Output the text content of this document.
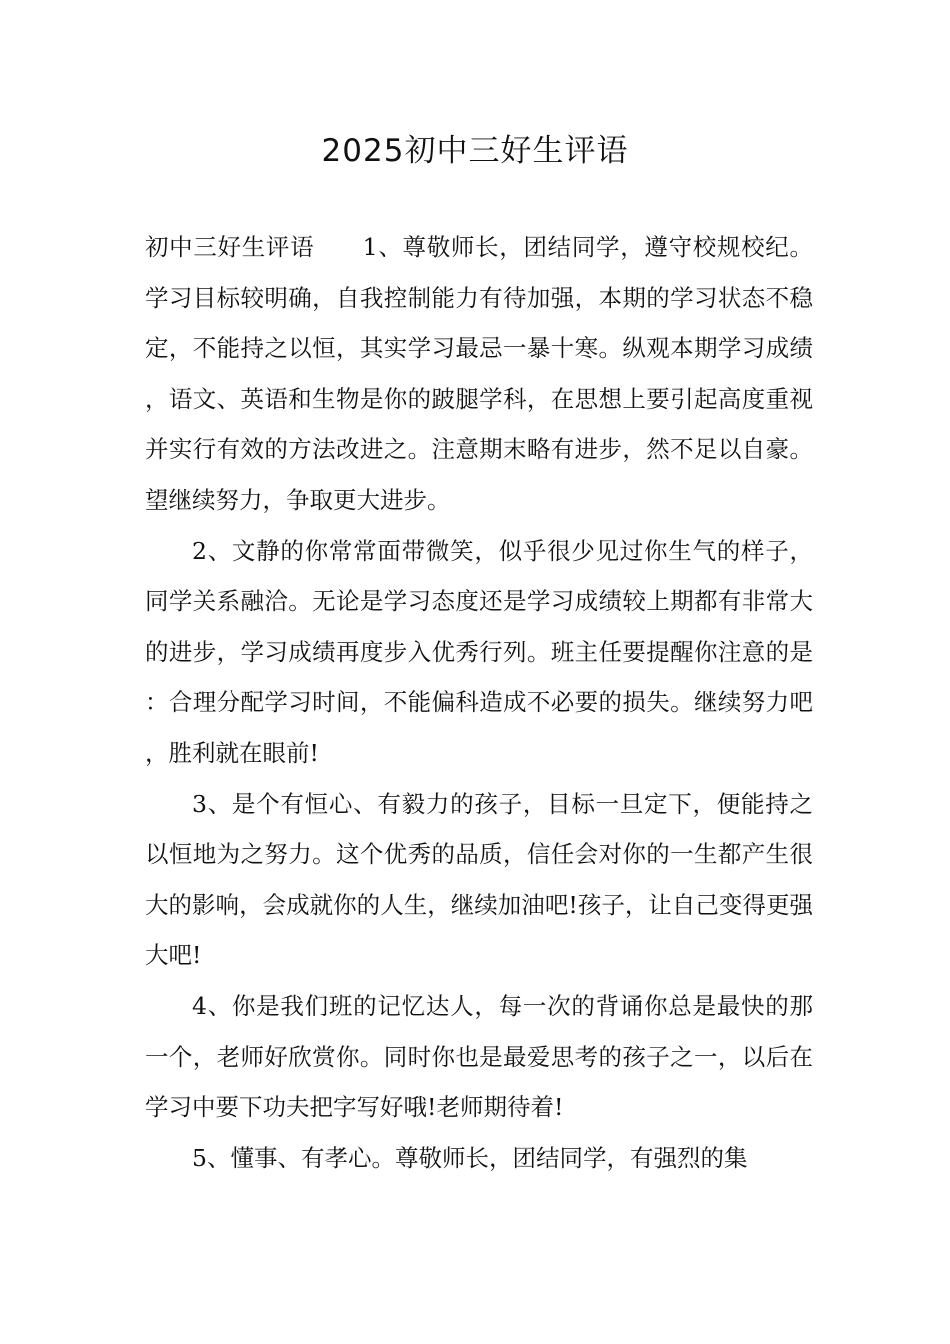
2025初中三好生评语

初中三好生评语　　1、尊敬师长，团结同学，遵守校规校纪。学习目标较明确，自我控制能力有待加强，本期的学习状态不稳定，不能持之以恒，其实学习最忌一暴十寒。纵观本期学习成绩，语文、英语和生物是你的跛腿学科，在思想上要引起高度重视并实行有效的方法改进之。注意期末略有进步，然不足以自豪。望继续努力，争取更大进步。

2、文静的你常常面带微笑，似乎很少见过你生气的样子，同学关系融洽。无论是学习态度还是学习成绩较上期都有非常大的进步，学习成绩再度步入优秀行列。班主任要提醒你注意的是：合理分配学习时间，不能偏科造成不必要的损失。继续努力吧，胜利就在眼前!

3、是个有恒心、有毅力的孩子，目标一旦定下，便能持之以恒地为之努力。这个优秀的品质，信任会对你的一生都产生很大的影响，会成就你的人生，继续加油吧!孩子，让自己变得更强大吧!

4、你是我们班的记忆达人，每一次的背诵你总是最快的那一个，老师好欣赏你。同时你也是最爱思考的孩子之一，以后在学习中要下功夫把字写好哦!老师期待着!

5、懂事、有孝心。尊敬师长，团结同学，有强烈的集
